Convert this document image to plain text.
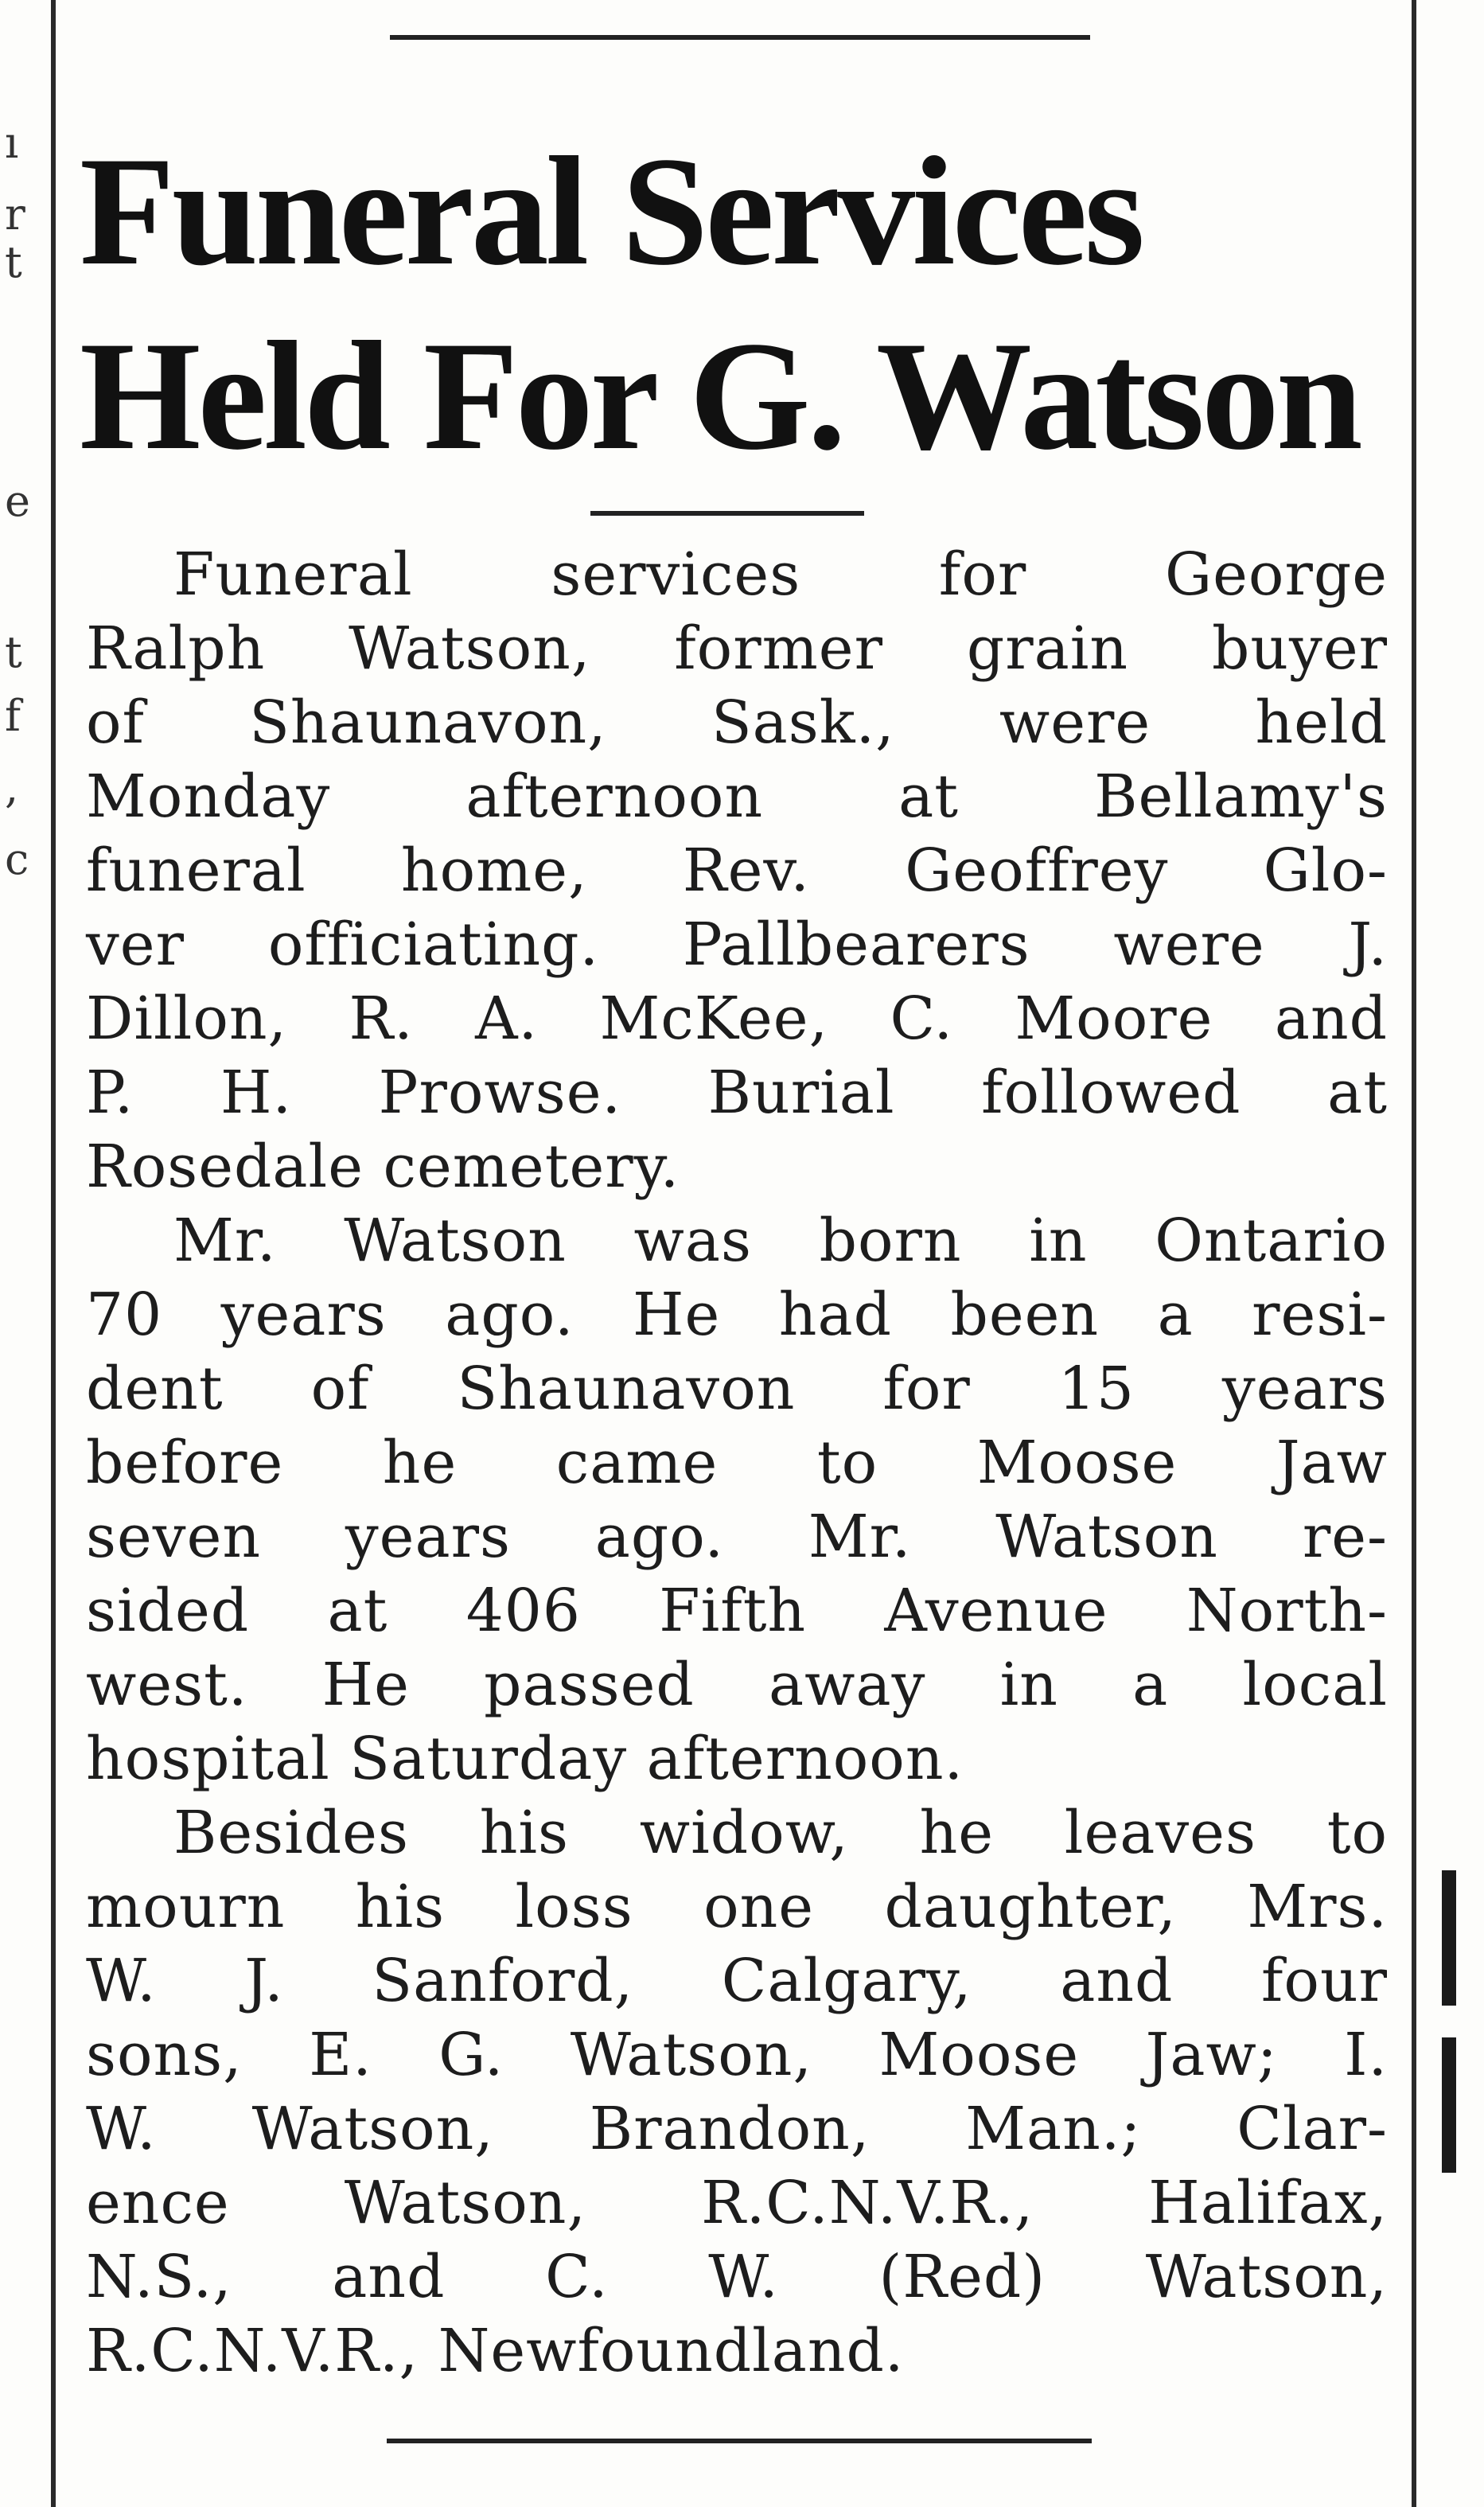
Funeral Services
Held For G. Watson

Funeral services for George
Ralph Watson, former grain buyer
of Shaunavon, Sask., were held
Monday afternoon at Bellamy's
funeral home, Rev. Geoffrey Glo-
ver officiating. Pallbearers were J.
Dillon, R. A. McKee, C. Moore and
P. H. Prowse. Burial followed at
Rosedale cemetery.

Mr. Watson was born in Ontario
70 years ago. He had been a resi-
dent of Shaunavon for 15 years
before he came to Moose Jaw
seven years ago. Mr. Watson re-
sided at 406 Fifth Avenue North-
west. He passed away in a local
hospital Saturday afternoon.

Besides his widow, he leaves to
mourn his loss one daughter, Mrs.
W. J. Sanford, Calgary, and four
sons, E. G. Watson, Moose Jaw; I.
W. Watson, Brandon, Man.; Clar-
ence Watson, R.C.N.V.R., Halifax,
N.S., and C. W. (Red) Watson,
R.C.N.V.R., Newfoundland.

ı
r
t
e
t
f
,
c
